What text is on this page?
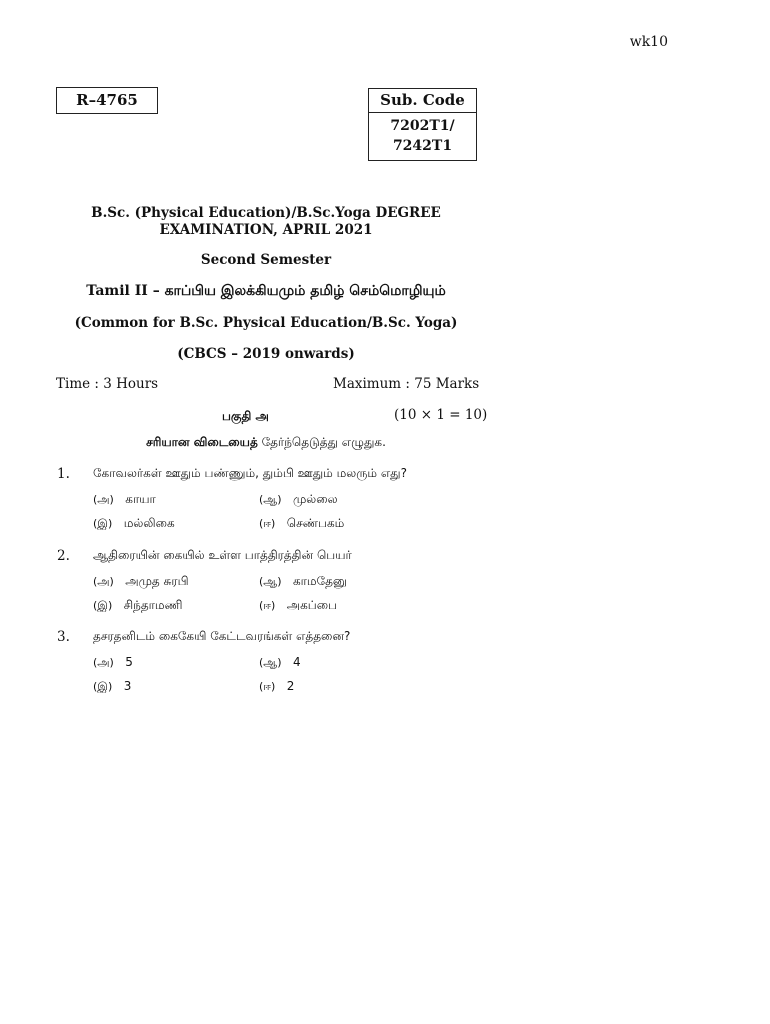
wk10
R–4765	Sub. Code
7202T1/
7242T1
B.Sc. (Physical Education)/B.Sc.Yoga DEGREE
EXAMINATION, APRIL 2021
Second Semester
Tamil II – காப்பிய இலக்கியமும் தமிழ் செம்மொழியும்
(Common for B.Sc. Physical Education/B.Sc. Yoga)
(CBCS – 2019 onwards)
Time : 3 Hours	Maximum : 75 Marks
பகுதி அ	(10 × 1 = 10)
சரியான விடையைத் தேர்ந்தெடுத்து எழுதுக.
1. கோவலர்கள் ஊதும் பண்ணும், தும்பி ஊதும் மலரும் எது?
(அ) காயா	(ஆ) முல்லை
(இ) மல்லிகை	(ஈ) செண்பகம்
2. ஆதிரையின் கையில் உள்ள பாத்திரத்தின் பெயர்
(அ) அமுத சுரபி	(ஆ) காமதேனு
(இ) சிந்தாமணி	(ஈ) அகப்பை
3. தசரதனிடம் கைகேயி கேட்டவரங்கள் எத்தனை?
(அ) 5	(ஆ) 4
(இ) 3	(ஈ) 2
